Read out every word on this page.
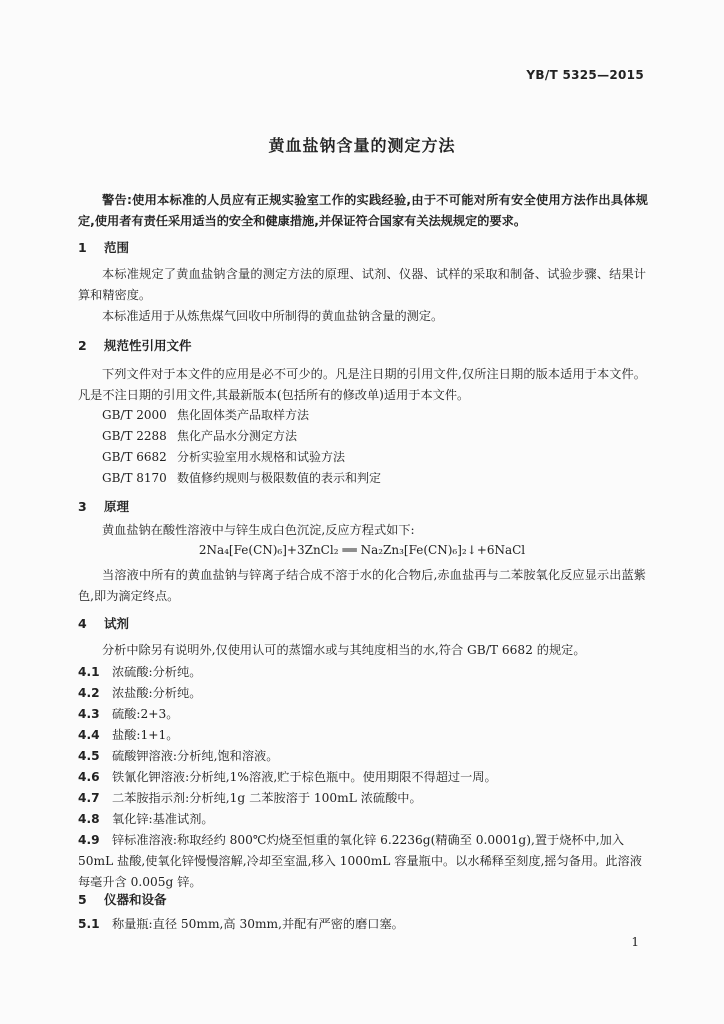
YB/T 5325—2015
黄血盐钠含量的测定方法
警告:使用本标准的人员应有正规实验室工作的实践经验,由于不可能对所有安全使用方法作出具体规定,使用者有责任采用适当的安全和健康措施,并保证符合国家有关法规规定的要求。
1 范围
本标准规定了黄血盐钠含量的测定方法的原理、试剂、仪器、试样的采取和制备、试验步骤、结果计算和精密度。
本标准适用于从炼焦煤气回收中所制得的黄血盐钠含量的测定。
2 规范性引用文件
下列文件对于本文件的应用是必不可少的。凡是注日期的引用文件,仅所注日期的版本适用于本文件。凡是不注日期的引用文件,其最新版本(包括所有的修改单)适用于本文件。
GB/T 2000 焦化固体类产品取样方法
GB/T 2288 焦化产品水分测定方法
GB/T 6682 分析实验室用水规格和试验方法
GB/T 8170 数值修约规则与极限数值的表示和判定
3 原理
黄血盐钠在酸性溶液中与锌生成白色沉淀,反应方程式如下:
2Na₄[Fe(CN)₆]+3ZnCl₂ ══ Na₂Zn₃[Fe(CN)₆]₂↓+6NaCl
当溶液中所有的黄血盐钠与锌离子结合成不溶于水的化合物后,赤血盐再与二苯胺氧化反应显示出蓝紫色,即为滴定终点。
4 试剂
分析中除另有说明外,仅使用认可的蒸馏水或与其纯度相当的水,符合 GB/T 6682 的规定。
4.1 浓硫酸:分析纯。
4.2 浓盐酸:分析纯。
4.3 硫酸:2+3。
4.4 盐酸:1+1。
4.5 硫酸钾溶液:分析纯,饱和溶液。
4.6 铁氰化钾溶液:分析纯,1%溶液,贮于棕色瓶中。使用期限不得超过一周。
4.7 二苯胺指示剂:分析纯,1g 二苯胺溶于 100mL 浓硫酸中。
4.8 氧化锌:基准试剂。
4.9 锌标准溶液:称取经约 800℃灼烧至恒重的氧化锌 6.2236g(精确至 0.0001g),置于烧杯中,加入 50mL 盐酸,使氧化锌慢慢溶解,冷却至室温,移入 1000mL 容量瓶中。以水稀释至刻度,摇匀备用。此溶液每毫升含 0.005g 锌。
5 仪器和设备
5.1 称量瓶:直径 50mm,高 30mm,并配有严密的磨口塞。
1
